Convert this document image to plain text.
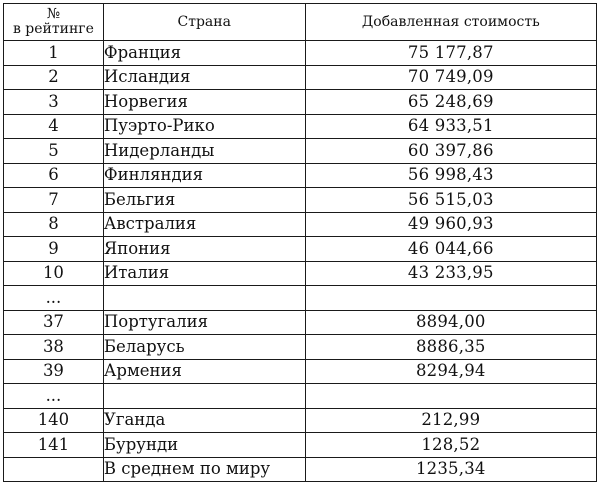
№
в рейтинге	Страна	Добавленная стоимость
1	Франция	75 177,87
2	Исландия	70 749,09
3	Норвегия	65 248,69
4	Пуэрто-Рико	64 933,51
5	Нидерланды	60 397,86
6	Финляндия	56 998,43
7	Бельгия	56 515,03
8	Австралия	49 960,93
9	Япония	46 044,66
10	Италия	43 233,95
...		
37	Португалия	8894,00
38	Беларусь	8886,35
39	Армения	8294,94
...		
140	Уганда	212,99
141	Бурунди	128,52
	В среднем по миру	1235,34
